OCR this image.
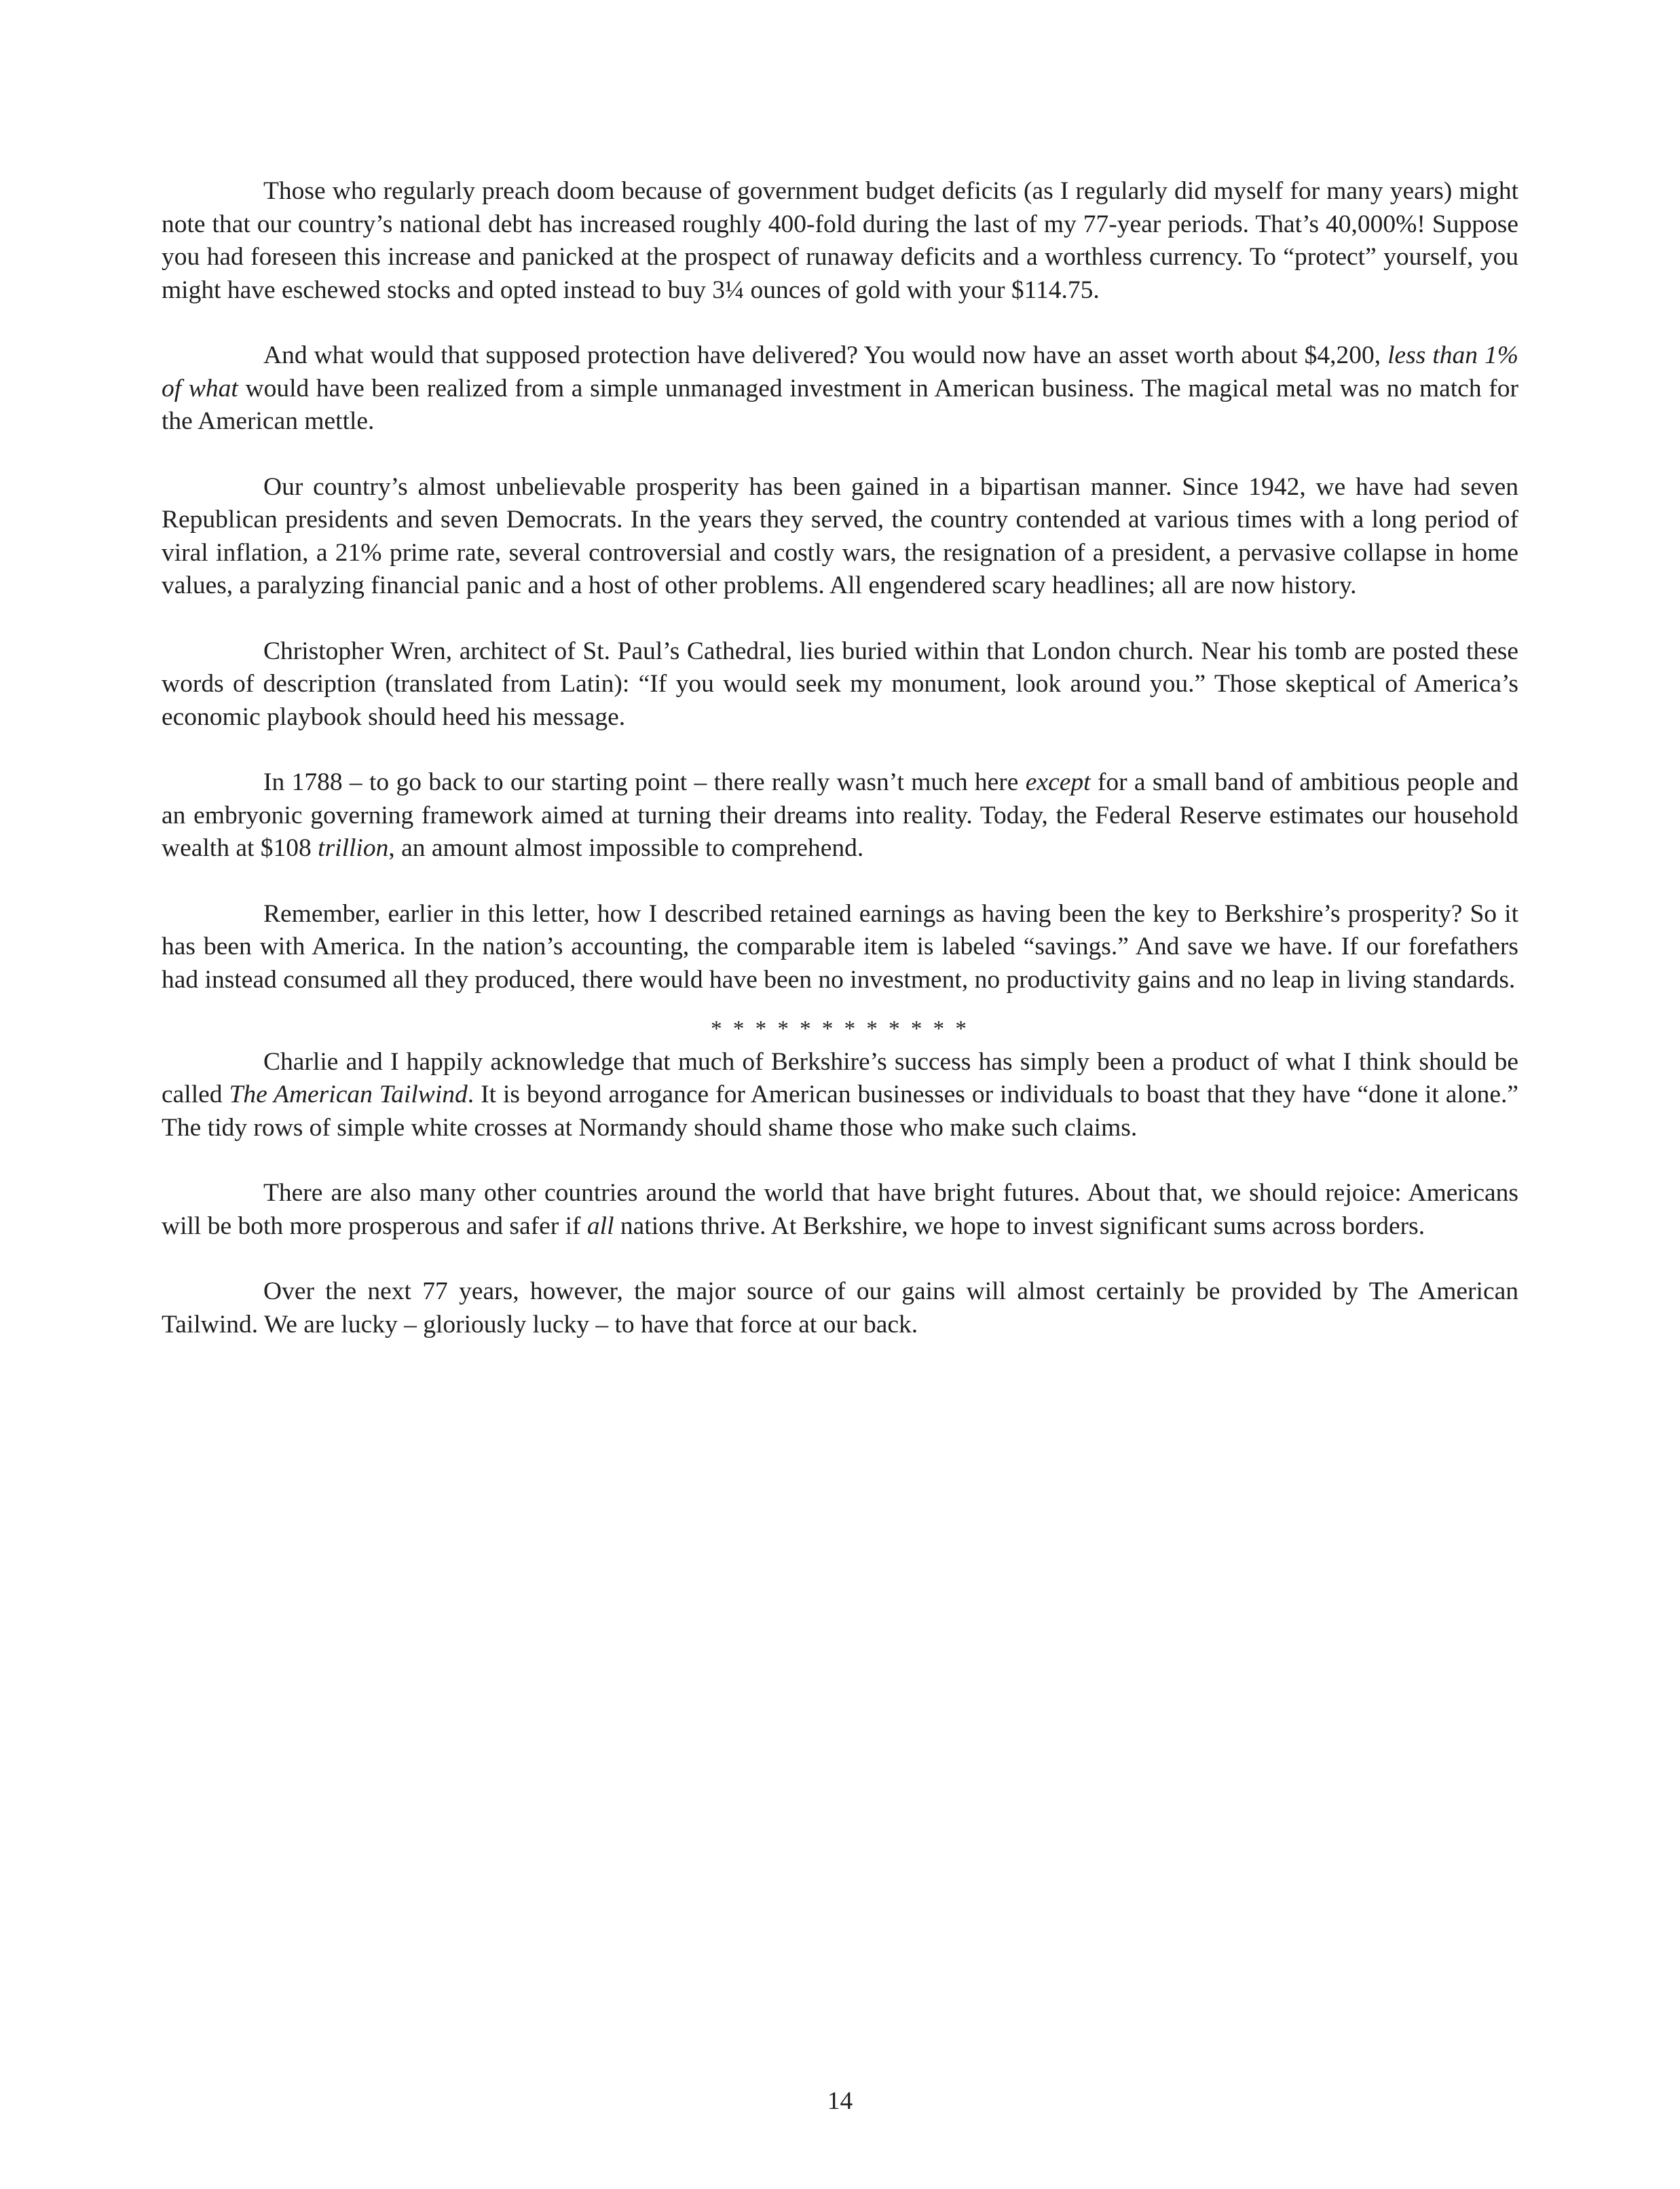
Those who regularly preach doom because of government budget deficits (as I regularly did myself for many years) might note that our country’s national debt has increased roughly 400-fold during the last of my 77-year periods. That’s 40,000%! Suppose you had foreseen this increase and panicked at the prospect of runaway deficits and a worthless currency. To “protect” yourself, you might have eschewed stocks and opted instead to buy 3¼ ounces of gold with your $114.75.

And what would that supposed protection have delivered? You would now have an asset worth about $4,200, less than 1% of what would have been realized from a simple unmanaged investment in American business. The magical metal was no match for the American mettle.

Our country’s almost unbelievable prosperity has been gained in a bipartisan manner. Since 1942, we have had seven Republican presidents and seven Democrats. In the years they served, the country contended at various times with a long period of viral inflation, a 21% prime rate, several controversial and costly wars, the resignation of a president, a pervasive collapse in home values, a paralyzing financial panic and a host of other problems. All engendered scary headlines; all are now history.

Christopher Wren, architect of St. Paul’s Cathedral, lies buried within that London church. Near his tomb are posted these words of description (translated from Latin): “If you would seek my monument, look around you.” Those skeptical of America’s economic playbook should heed his message.

In 1788 – to go back to our starting point – there really wasn’t much here except for a small band of ambitious people and an embryonic governing framework aimed at turning their dreams into reality. Today, the Federal Reserve estimates our household wealth at $108 trillion, an amount almost impossible to comprehend.

Remember, earlier in this letter, how I described retained earnings as having been the key to Berkshire’s prosperity? So it has been with America. In the nation’s accounting, the comparable item is labeled “savings.” And save we have. If our forefathers had instead consumed all they produced, there would have been no investment, no productivity gains and no leap in living standards.

* * * * * * * * * * * *

Charlie and I happily acknowledge that much of Berkshire’s success has simply been a product of what I think should be called The American Tailwind. It is beyond arrogance for American businesses or individuals to boast that they have “done it alone.” The tidy rows of simple white crosses at Normandy should shame those who make such claims.

There are also many other countries around the world that have bright futures. About that, we should rejoice: Americans will be both more prosperous and safer if all nations thrive. At Berkshire, we hope to invest significant sums across borders.

Over the next 77 years, however, the major source of our gains will almost certainly be provided by The American Tailwind. We are lucky – gloriously lucky – to have that force at our back.

14
